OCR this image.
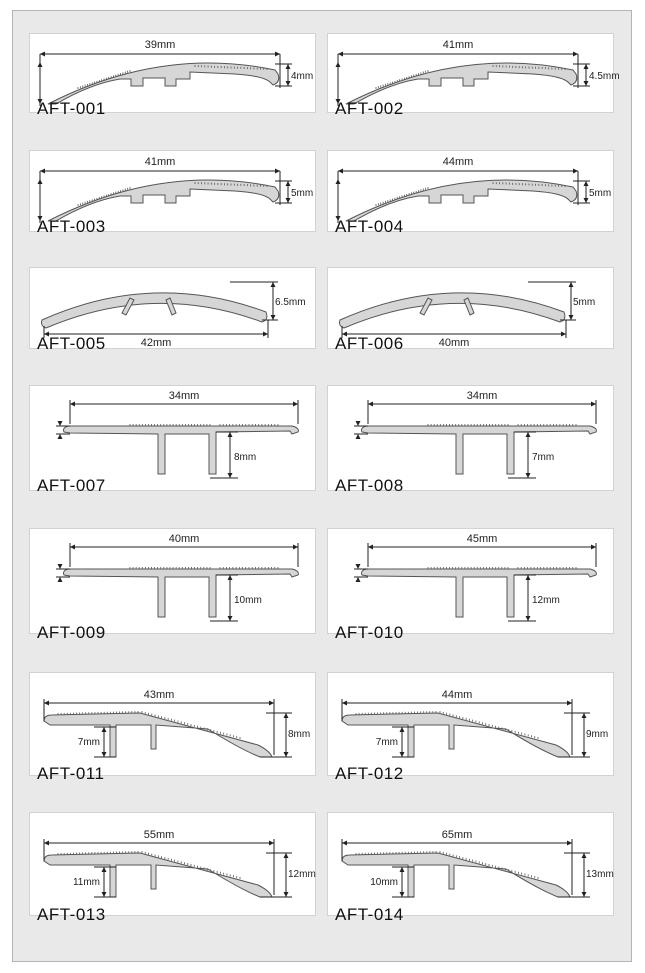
39mm
4mm
AFT-001
41mm
4.5mm
AFT-002
41mm
5mm
AFT-003
44mm
5mm
AFT-004
42mm
6.5mm
AFT-005	40mm
5mm
AFT-006
34mm
8mm
AFT-007
34mm
7mm
AFT-008
40mm
10mm
AFT-009
45mm
12mm
AFT-010
43mm
7mm
8mm
AFT-011
44mm
7mm
9mm
AFT-012
55mm
11mm
12mm
AFT-013
65mm
10mm
13mm
AFT-014
